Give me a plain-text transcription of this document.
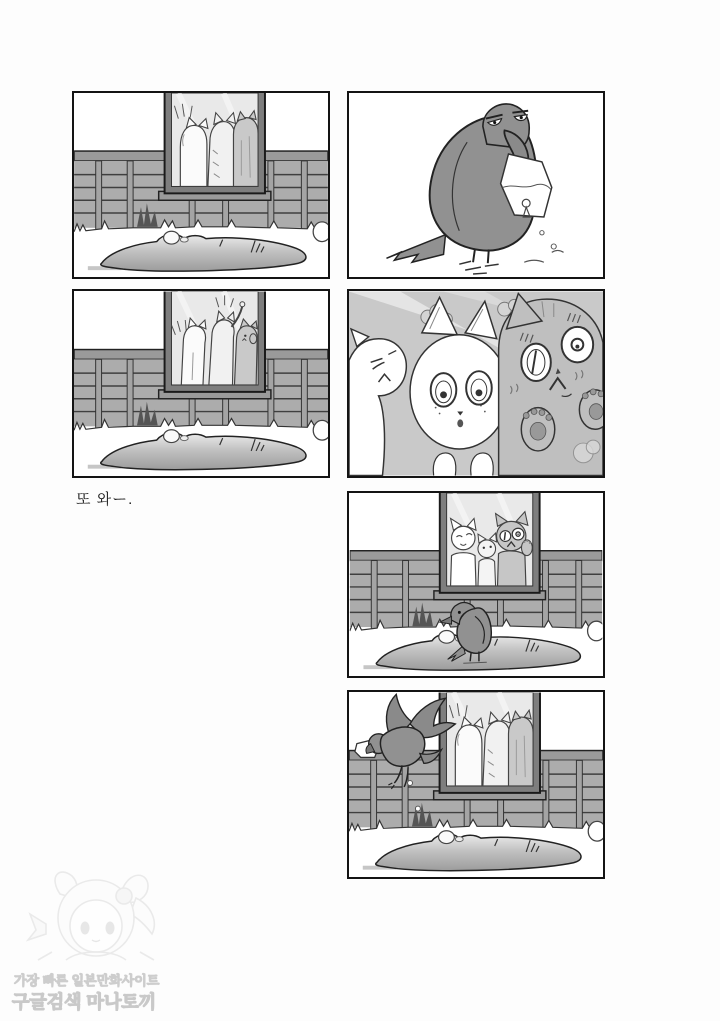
또 와ー.
가장 빠른 일본만화사이트
구글검색 마나토끼
